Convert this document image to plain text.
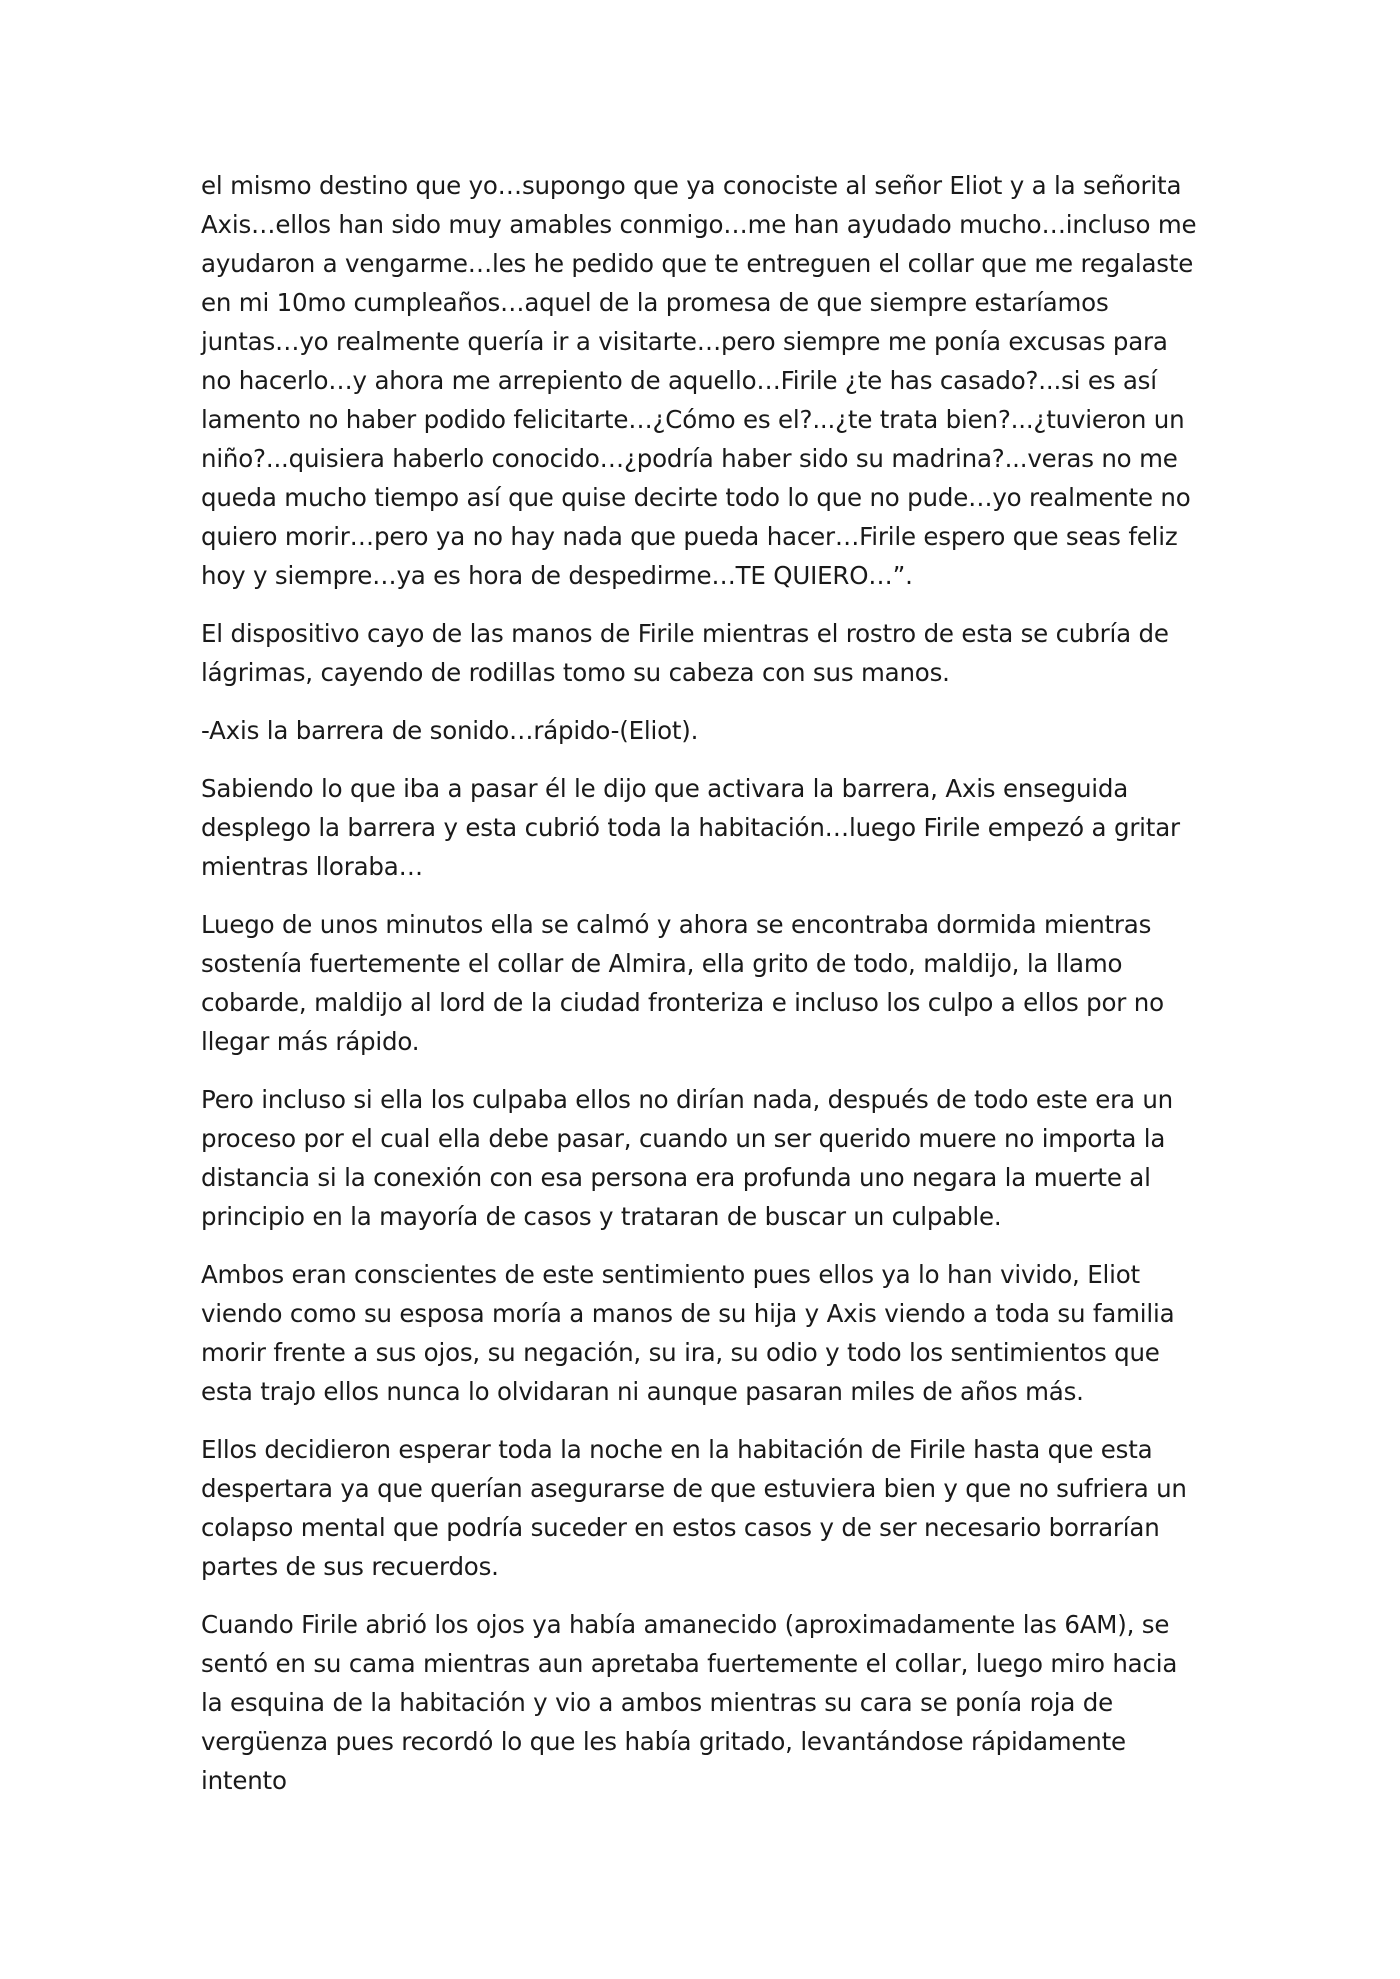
el mismo destino que yo…supongo que ya conociste al señor Eliot y a la señorita Axis…ellos han sido muy amables conmigo…me han ayudado mucho…incluso me ayudaron a vengarme…les he pedido que te entreguen el collar que me regalaste en mi 10mo cumpleaños…aquel de la promesa de que siempre estaríamos juntas…yo realmente quería ir a visitarte…pero siempre me ponía excusas para no hacerlo…y ahora me arrepiento de aquello…Firile ¿te has casado?...si es así lamento no haber podido felicitarte…¿Cómo es el?...¿te trata bien?...¿tuvieron un niño?...quisiera haberlo conocido…¿podría haber sido su madrina?...veras no me queda mucho tiempo así que quise decirte todo lo que no pude…yo realmente no quiero morir…pero ya no hay nada que pueda hacer…Firile espero que seas feliz hoy y siempre…ya es hora de despedirme…TE QUIERO…”.

El dispositivo cayo de las manos de Firile mientras el rostro de esta se cubría de lágrimas, cayendo de rodillas tomo su cabeza con sus manos.

-Axis la barrera de sonido…rápido-(Eliot).

Sabiendo lo que iba a pasar él le dijo que activara la barrera, Axis enseguida desplego la barrera y esta cubrió toda la habitación…luego Firile empezó a gritar mientras lloraba…

Luego de unos minutos ella se calmó y ahora se encontraba dormida mientras sostenía fuertemente el collar de Almira, ella grito de todo, maldijo, la llamo cobarde, maldijo al lord de la ciudad fronteriza e incluso los culpo a ellos por no llegar más rápido.

Pero incluso si ella los culpaba ellos no dirían nada, después de todo este era un proceso por el cual ella debe pasar, cuando un ser querido muere no importa la distancia si la conexión con esa persona era profunda uno negara la muerte al principio en la mayoría de casos y trataran de buscar un culpable.

Ambos eran conscientes de este sentimiento pues ellos ya lo han vivido, Eliot viendo como su esposa moría a manos de su hija y Axis viendo a toda su familia morir frente a sus ojos, su negación, su ira, su odio y todo los sentimientos que esta trajo ellos nunca lo olvidaran ni aunque pasaran miles de años más.

Ellos decidieron esperar toda la noche en la habitación de Firile hasta que esta despertara ya que querían asegurarse de que estuviera bien y que no sufriera un colapso mental que podría suceder en estos casos y de ser necesario borrarían partes de sus recuerdos.

Cuando Firile abrió los ojos ya había amanecido (aproximadamente las 6AM), se sentó en su cama mientras aun apretaba fuertemente el collar, luego miro hacia la esquina de la habitación y vio a ambos mientras su cara se ponía roja de vergüenza pues recordó lo que les había gritado, levantándose rápidamente intento
